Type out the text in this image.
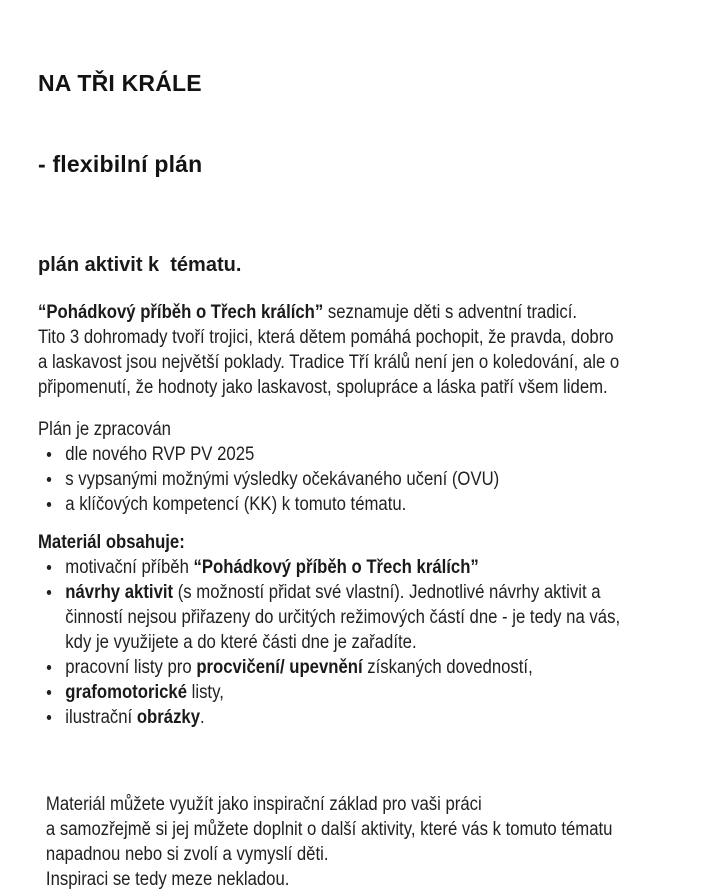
NA TŘI KRÁLE

- flexibilní plán

plán aktivit k  tématu.
“Pohádkový příběh o Třech králích” seznamuje děti s adventní tradicí.
Tito 3 dohromady tvoří trojici, která dětem pomáhá pochopit, že pravda, dobro
a laskavost jsou největší poklady. Tradice Tří králů není jen o koledování, ale o
připomenutí, že hodnoty jako laskavost, spolupráce a láska patří všem lidem.
Plán je zpracován
dle nového RVP PV 2025
s vypsanými možnými výsledky očekávaného učení (OVU)
a klíčových kompetencí (KK) k tomuto tématu.
Materiál obsahuje:
motivační příběh “Pohádkový příběh o Třech králích”
návrhy aktivit (s možností přidat své vlastní). Jednotlivé návrhy aktivit a
činností nejsou přiřazeny do určitých režimových částí dne - je tedy na vás,
kdy je využijete a do které části dne je zařadíte.
pracovní listy pro procvičení/ upevnění získaných dovedností,
grafomotorické listy,
ilustrační obrázky.
Materiál můžete využít jako inspirační základ pro vaši práci
a samozřejmě si jej můžete doplnit o další aktivity, které vás k tomuto tématu
napadnou nebo si zvolí a vymyslí děti.
Inspiraci se tedy meze nekladou.
